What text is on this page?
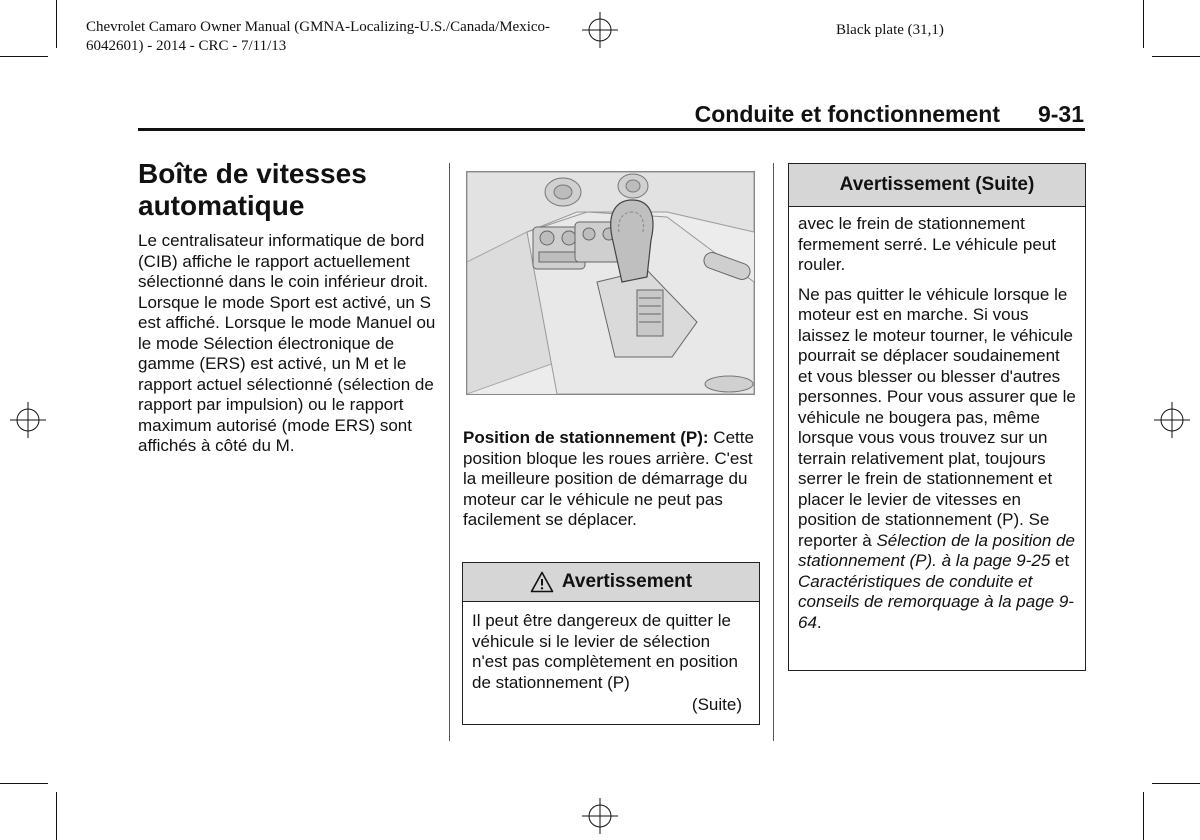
Chevrolet Camaro Owner Manual (GMNA-Localizing-U.S./Canada/Mexico-
6042601) - 2014 - CRC - 7/11/13
Black plate (31,1)
Conduite et fonctionnement 9-31
Boîte de vitesses
automatique
Le centralisateur informatique de bord (CIB) affiche le rapport actuellement sélectionné dans le coin inférieur droit. Lorsque le mode Sport est activé, un S est affiché. Lorsque le mode Manuel ou le mode Sélection électronique de gamme (ERS) est activé, un M et le rapport actuel sélectionné (sélection de rapport par impulsion) ou le rapport maximum autorisé (mode ERS) sont affichés à côté du M.	Position de stationnement (P): Cette position bloque les roues arrière. C'est la meilleure position de démarrage du moteur car le véhicule ne peut pas facilement se déplacer.
Avertissement
Il peut être dangereux de quitter le véhicule si le levier de sélection n'est pas complètement en position de stationnement (P)
(Suite)
Avertissement (Suite)

avec le frein de stationnement fermement serré. Le véhicule peut rouler.

Ne pas quitter le véhicule lorsque le moteur est en marche. Si vous laissez le moteur tourner, le véhicule pourrait se déplacer soudainement et vous blesser ou blesser d'autres personnes. Pour vous assurer que le véhicule ne bougera pas, même lorsque vous vous trouvez sur un terrain relativement plat, toujours serrer le frein de stationnement et placer le levier de vitesses en position de stationnement (P). Se reporter à Sélection de la position de stationnement (P). à la page 9-25 et Caractéristiques de conduite et conseils de remorquage à la page 9-64.
